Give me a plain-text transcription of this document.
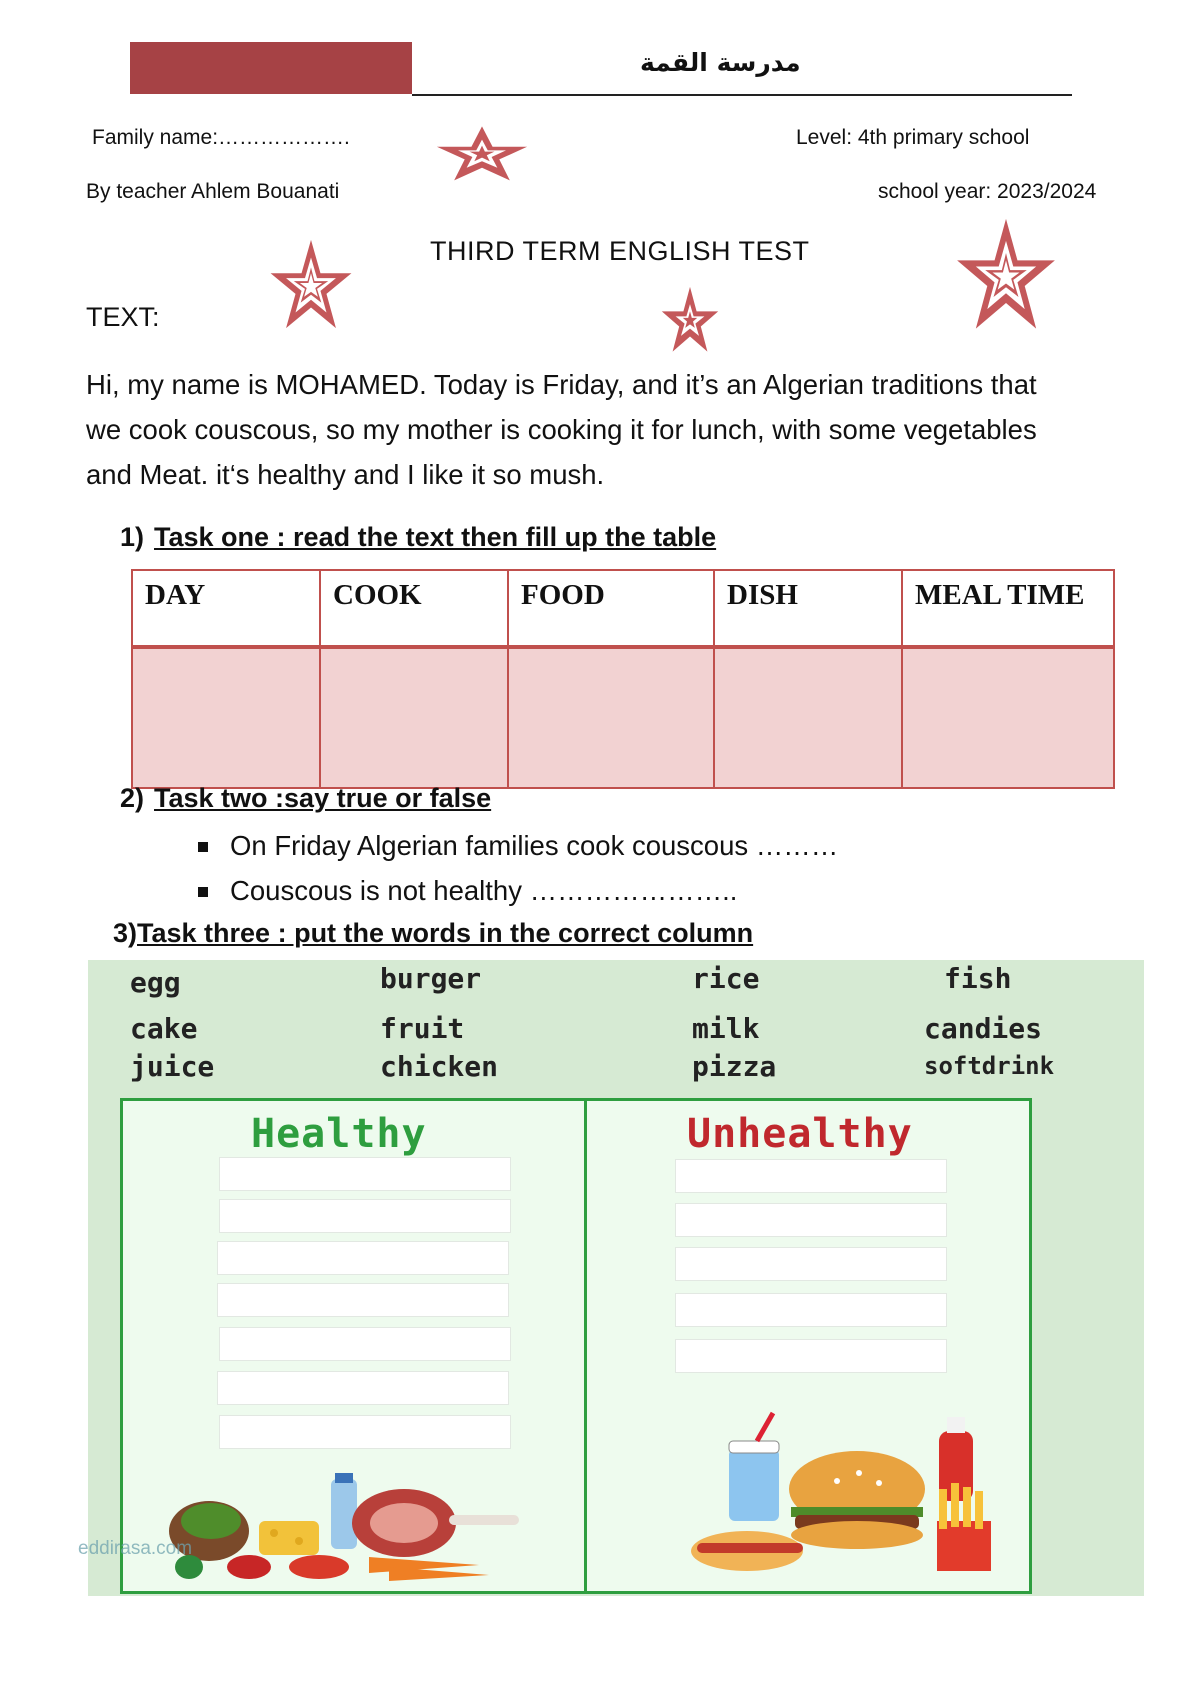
مدرسة القمة
Family name:……………….	Level: 4th primary school
By teacher Ahlem Bouanati	school year: 2023/2024
THIRD TERM ENGLISH TEST
TEXT:
Hi, my name is MOHAMED. Today is Friday, and it’s an Algerian traditions that
we cook couscous, so my mother is cooking it for lunch, with some vegetables
and Meat. it‘s healthy and I like it so mush.
1) Task one : read the text then fill up the table
DAY	COOK	FOOD	DISH	MEAL TIME

2) Task two :say true or false
On Friday Algerian families cook couscous ………
Couscous is not healthy …………………..
3)Task three : put the words in the correct column
egg	burger	rice	fish
cake	fruit	milk	candies
juice	chicken	pizza	softdrink
Healthy	Unhealthy
eddirasa.com
